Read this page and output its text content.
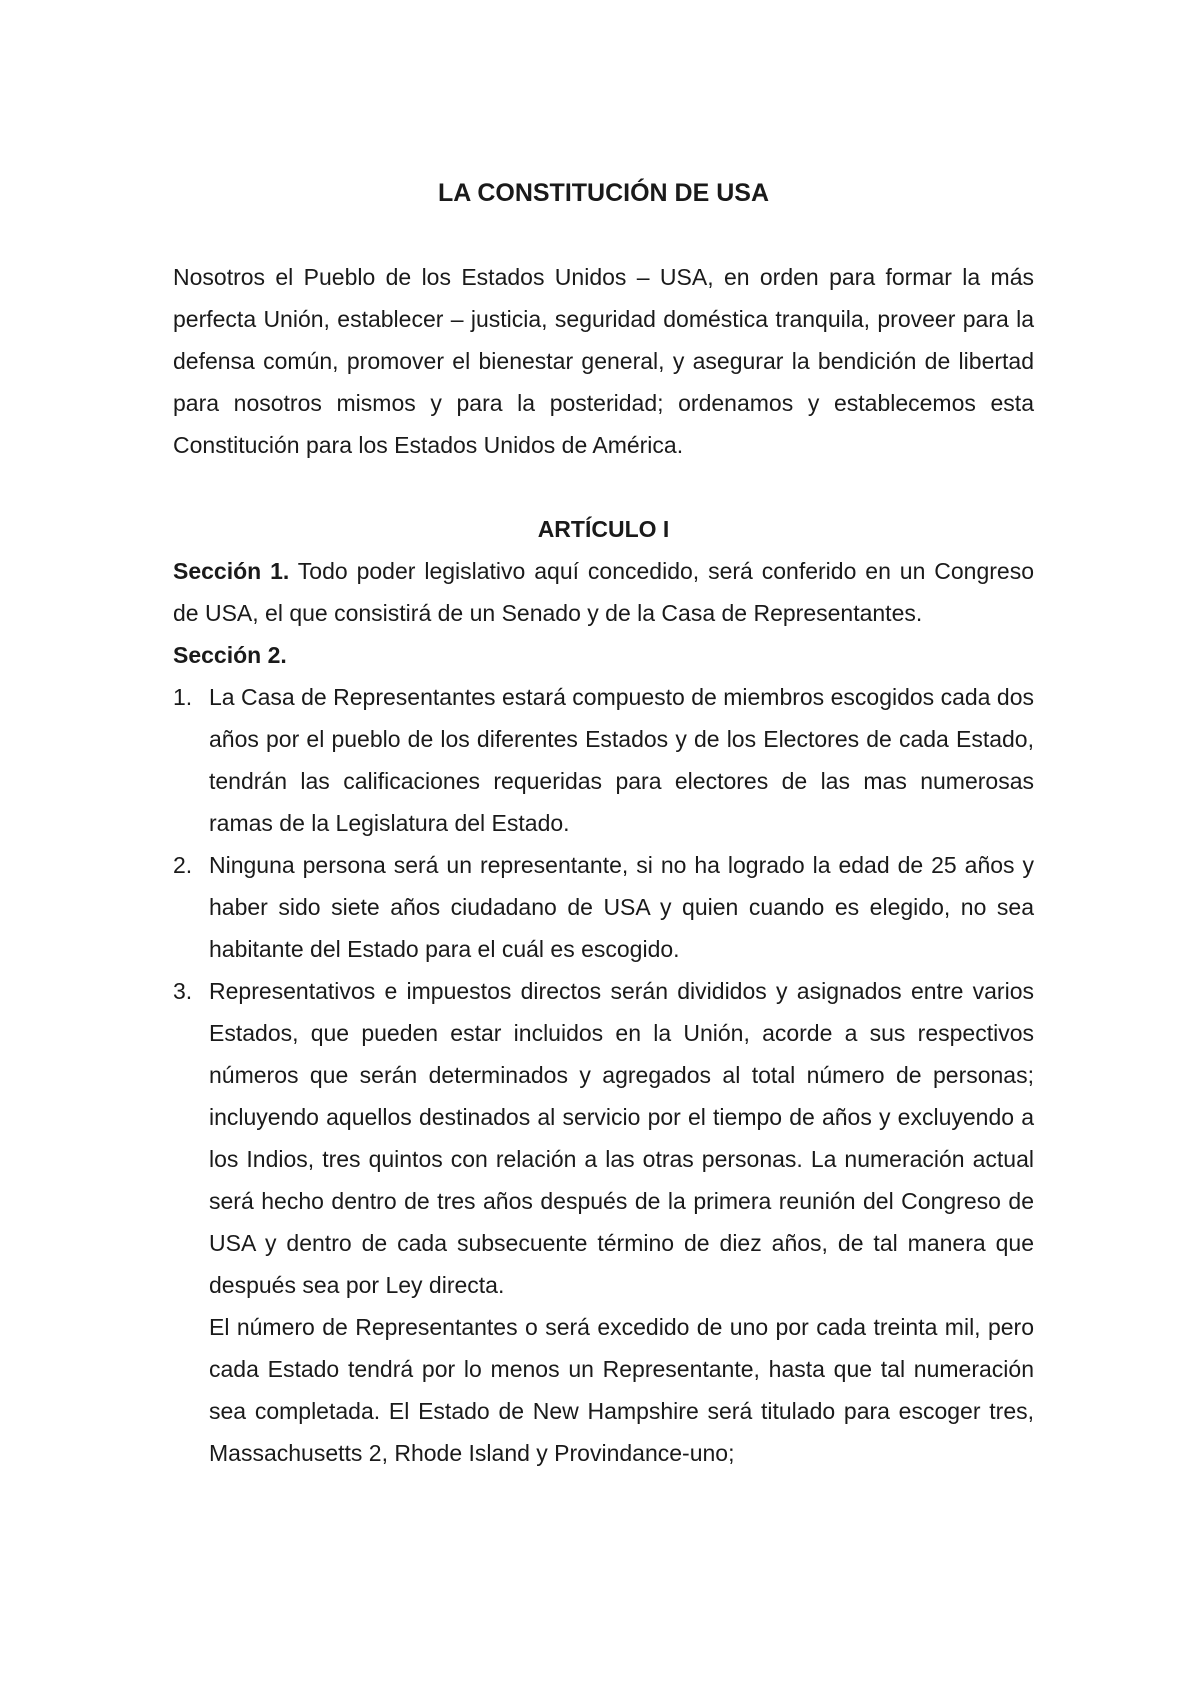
LA CONSTITUCIÓN DE USA

Nosotros el Pueblo de los Estados Unidos – USA, en orden para formar la más perfecta Unión, establecer – justicia, seguridad doméstica tranquila, proveer para la defensa común, promover el bienestar general, y asegurar la bendición de libertad para nosotros mismos y para la posteridad; ordenamos y establecemos esta Constitución para los Estados Unidos de América.

ARTÍCULO I

Sección 1. Todo poder legislativo aquí concedido, será conferido en un Congreso de USA, el que consistirá de un Senado y de la Casa de Representantes.

Sección 2.
1. La Casa de Representantes estará compuesto de miembros escogidos cada dos años por el pueblo de los diferentes Estados y de los Electores de cada Estado, tendrán las calificaciones requeridas para electores de las mas numerosas ramas de la Legislatura del Estado.
2. Ninguna persona será un representante, si no ha logrado la edad de 25 años y haber sido siete años ciudadano de USA y quien cuando es elegido, no sea habitante del Estado para el cuál es escogido.
3. Representativos e impuestos directos serán divididos y asignados entre varios Estados, que pueden estar incluidos en la Unión, acorde a sus respectivos números que serán determinados y agregados al total número de personas; incluyendo aquellos destinados al servicio por el tiempo de años y excluyendo a los Indios, tres quintos con relación a las otras personas. La numeración actual será hecho dentro de tres años después de la primera reunión del Congreso de USA y dentro de cada subsecuente término de diez años, de tal manera que después sea por Ley directa.

El número de Representantes o será excedido de uno por cada treinta mil, pero cada Estado tendrá por lo menos un Representante, hasta que tal numeración sea completada. El Estado de New Hampshire será titulado para escoger tres, Massachusetts 2, Rhode Island y Provindance-uno;
